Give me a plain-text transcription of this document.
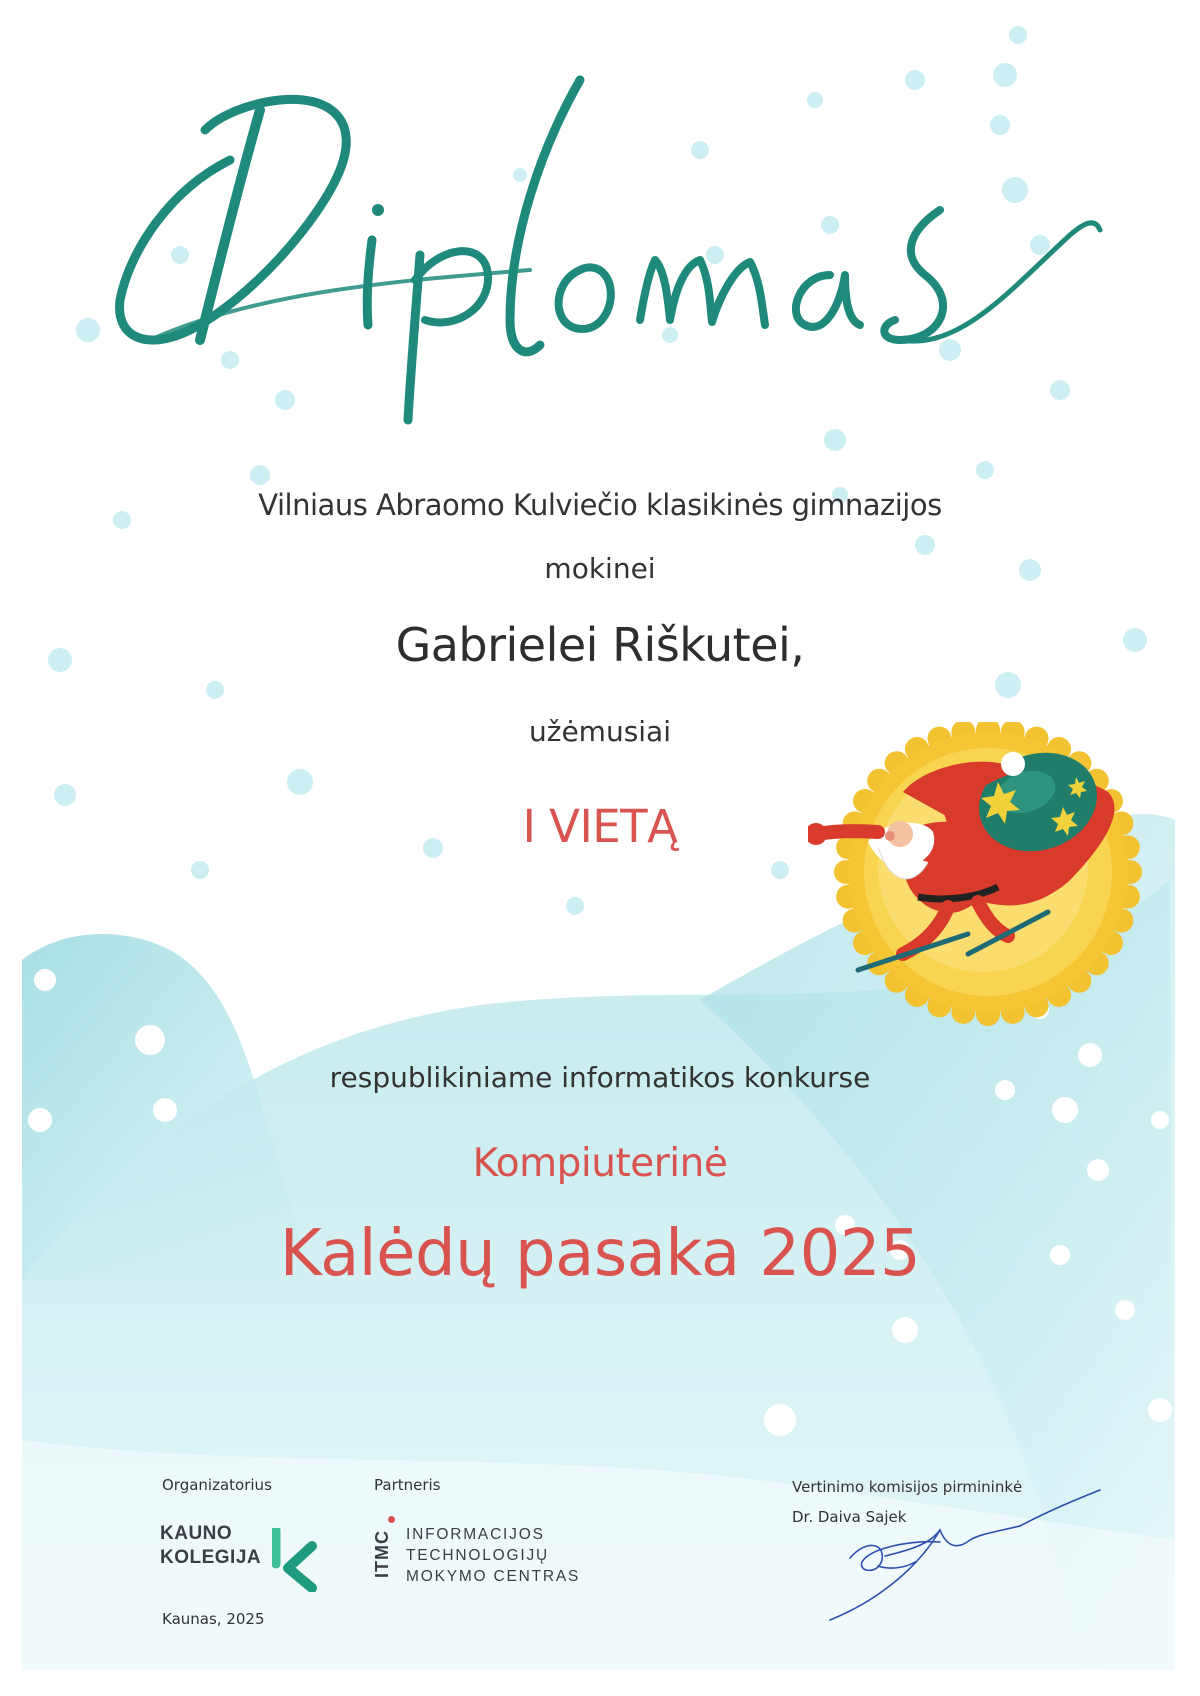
Vilniaus Abraomo Kulviečio klasikinės gimnazijos
mokinei
Gabrielei Riškutei,
užėmusiai
I VIETĄ
respublikiniame informatikos konkurse
Kompiuterinė
Kalėdų pasaka 2025
Organizatorius
KAUNO
KOLEGIJA
Kaunas, 2025
Partneris
ITMC INFORMACIJOS
TECHNOLOGIJŲ
MOKYMO CENTRAS
Vertinimo komisijos pirmininkė
Dr. Daiva Sajek
